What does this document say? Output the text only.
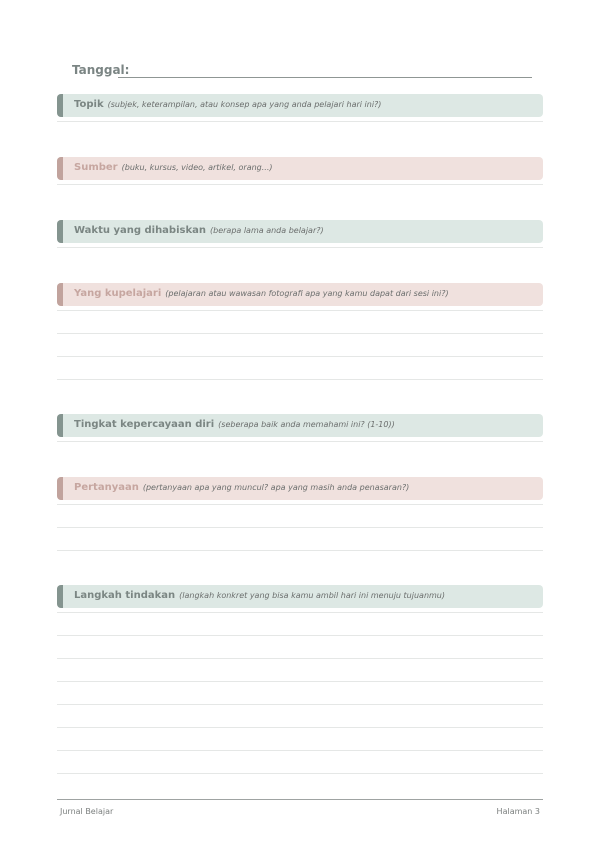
Tanggal:
Topik (subjek, keterampilan, atau konsep apa yang anda pelajari hari ini?)
Sumber (buku, kursus, video, artikel, orang...)
Waktu yang dihabiskan (berapa lama anda belajar?)
Yang kupelajari (pelajaran atau wawasan fotografi apa yang kamu dapat dari sesi ini?)
Tingkat kepercayaan diri (seberapa baik anda memahami ini? (1-10))
Pertanyaan (pertanyaan apa yang muncul? apa yang masih anda penasaran?)
Langkah tindakan (langkah konkret yang bisa kamu ambil hari ini menuju tujuanmu)
Jurnal Belajar	Halaman 3
